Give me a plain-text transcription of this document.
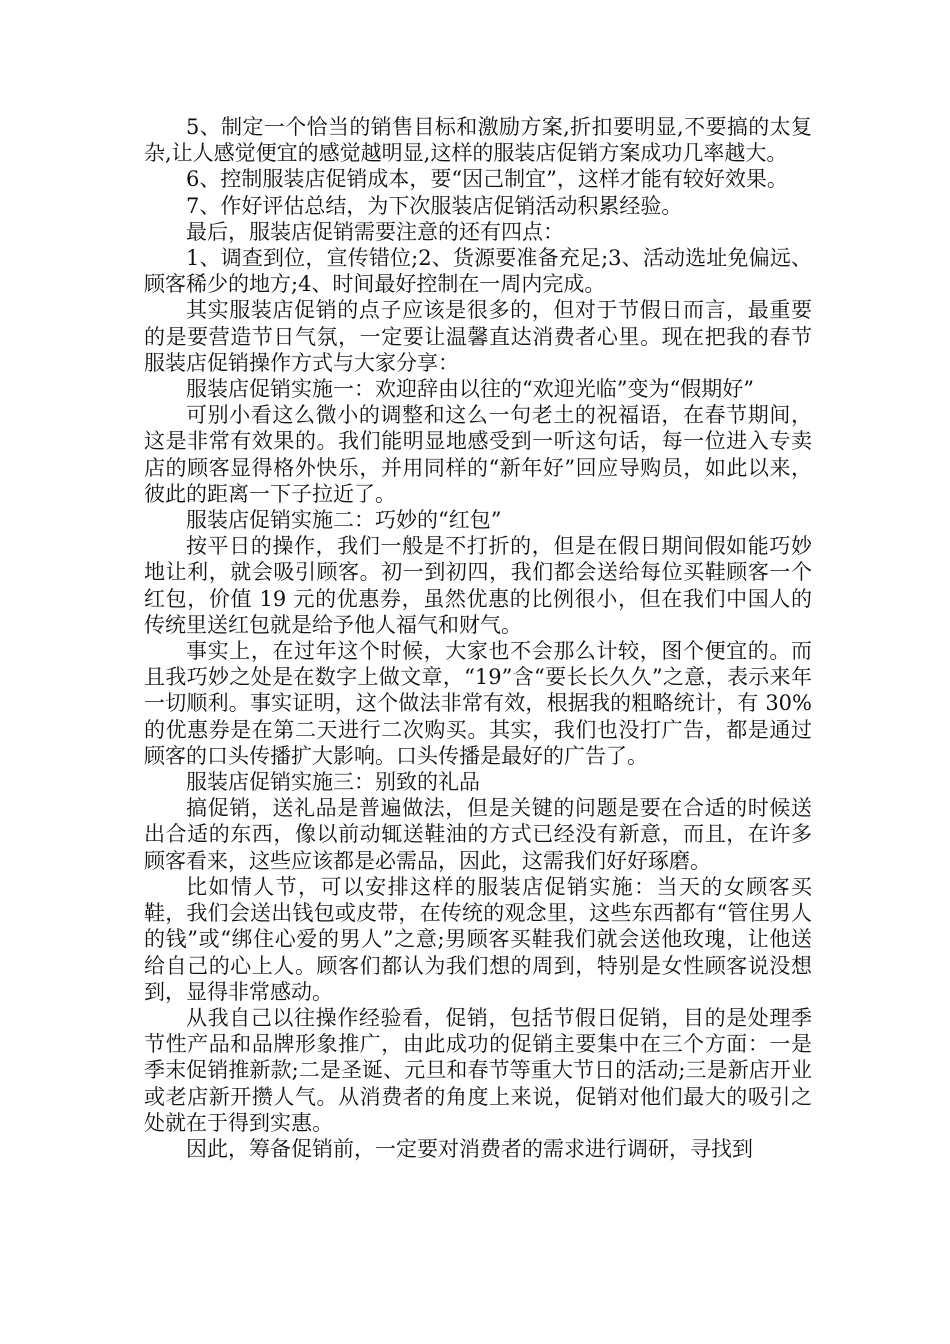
5、制定一个恰当的销售目标和激励方案,折扣要明显,不要搞的太复杂,让人感觉便宜的感觉越明显,这样的服装店促销方案成功几率越大。

6、控制服装店促销成本，要“因己制宜”，这样才能有较好效果。

7、作好评估总结，为下次服装店促销活动积累经验。

最后，服装店促销需要注意的还有四点：

1、调查到位，宣传错位;2、货源要准备充足;3、活动选址免偏远、顾客稀少的地方;4、时间最好控制在一周内完成。

其实服装店促销的点子应该是很多的，但对于节假日而言，最重要的是要营造节日气氛，一定要让温馨直达消费者心里。现在把我的春节服装店促销操作方式与大家分享：

服装店促销实施一：欢迎辞由以往的“欢迎光临”变为“假期好”

可别小看这么微小的调整和这么一句老土的祝福语，在春节期间，这是非常有效果的。我们能明显地感受到一听这句话，每一位进入专卖店的顾客显得格外快乐，并用同样的“新年好”回应导购员，如此以来，彼此的距离一下子拉近了。

服装店促销实施二：巧妙的“红包”

按平日的操作，我们一般是不打折的，但是在假日期间假如能巧妙地让利，就会吸引顾客。初一到初四，我们都会送给每位买鞋顾客一个红包，价值 19 元的优惠券，虽然优惠的比例很小，但在我们中国人的传统里送红包就是给予他人福气和财气。

事实上，在过年这个时候，大家也不会那么计较，图个便宜的。而且我巧妙之处是在数字上做文章，“19”含“要长长久久”之意，表示来年一切顺利。事实证明，这个做法非常有效，根据我的粗略统计，有 30%的优惠券是在第二天进行二次购买。其实，我们也没打广告，都是通过顾客的口头传播扩大影响。口头传播是最好的广告了。

服装店促销实施三：别致的礼品

搞促销，送礼品是普遍做法，但是关键的问题是要在合适的时候送出合适的东西，像以前动辄送鞋油的方式已经没有新意，而且，在许多顾客看来，这些应该都是必需品，因此，这需我们好好琢磨。

比如情人节，可以安排这样的服装店促销实施：当天的女顾客买鞋，我们会送出钱包或皮带，在传统的观念里，这些东西都有“管住男人的钱”或“绑住心爱的男人”之意;男顾客买鞋我们就会送他玫瑰，让他送给自己的心上人。顾客们都认为我们想的周到，特别是女性顾客说没想到，显得非常感动。

从我自己以往操作经验看，促销，包括节假日促销，目的是处理季节性产品和品牌形象推广，由此成功的促销主要集中在三个方面：一是季末促销推新款;二是圣诞、元旦和春节等重大节日的活动;三是新店开业或老店新开攒人气。从消费者的角度上来说，促销对他们最大的吸引之处就在于得到实惠。

因此，筹备促销前，一定要对消费者的需求进行调研，寻找到
